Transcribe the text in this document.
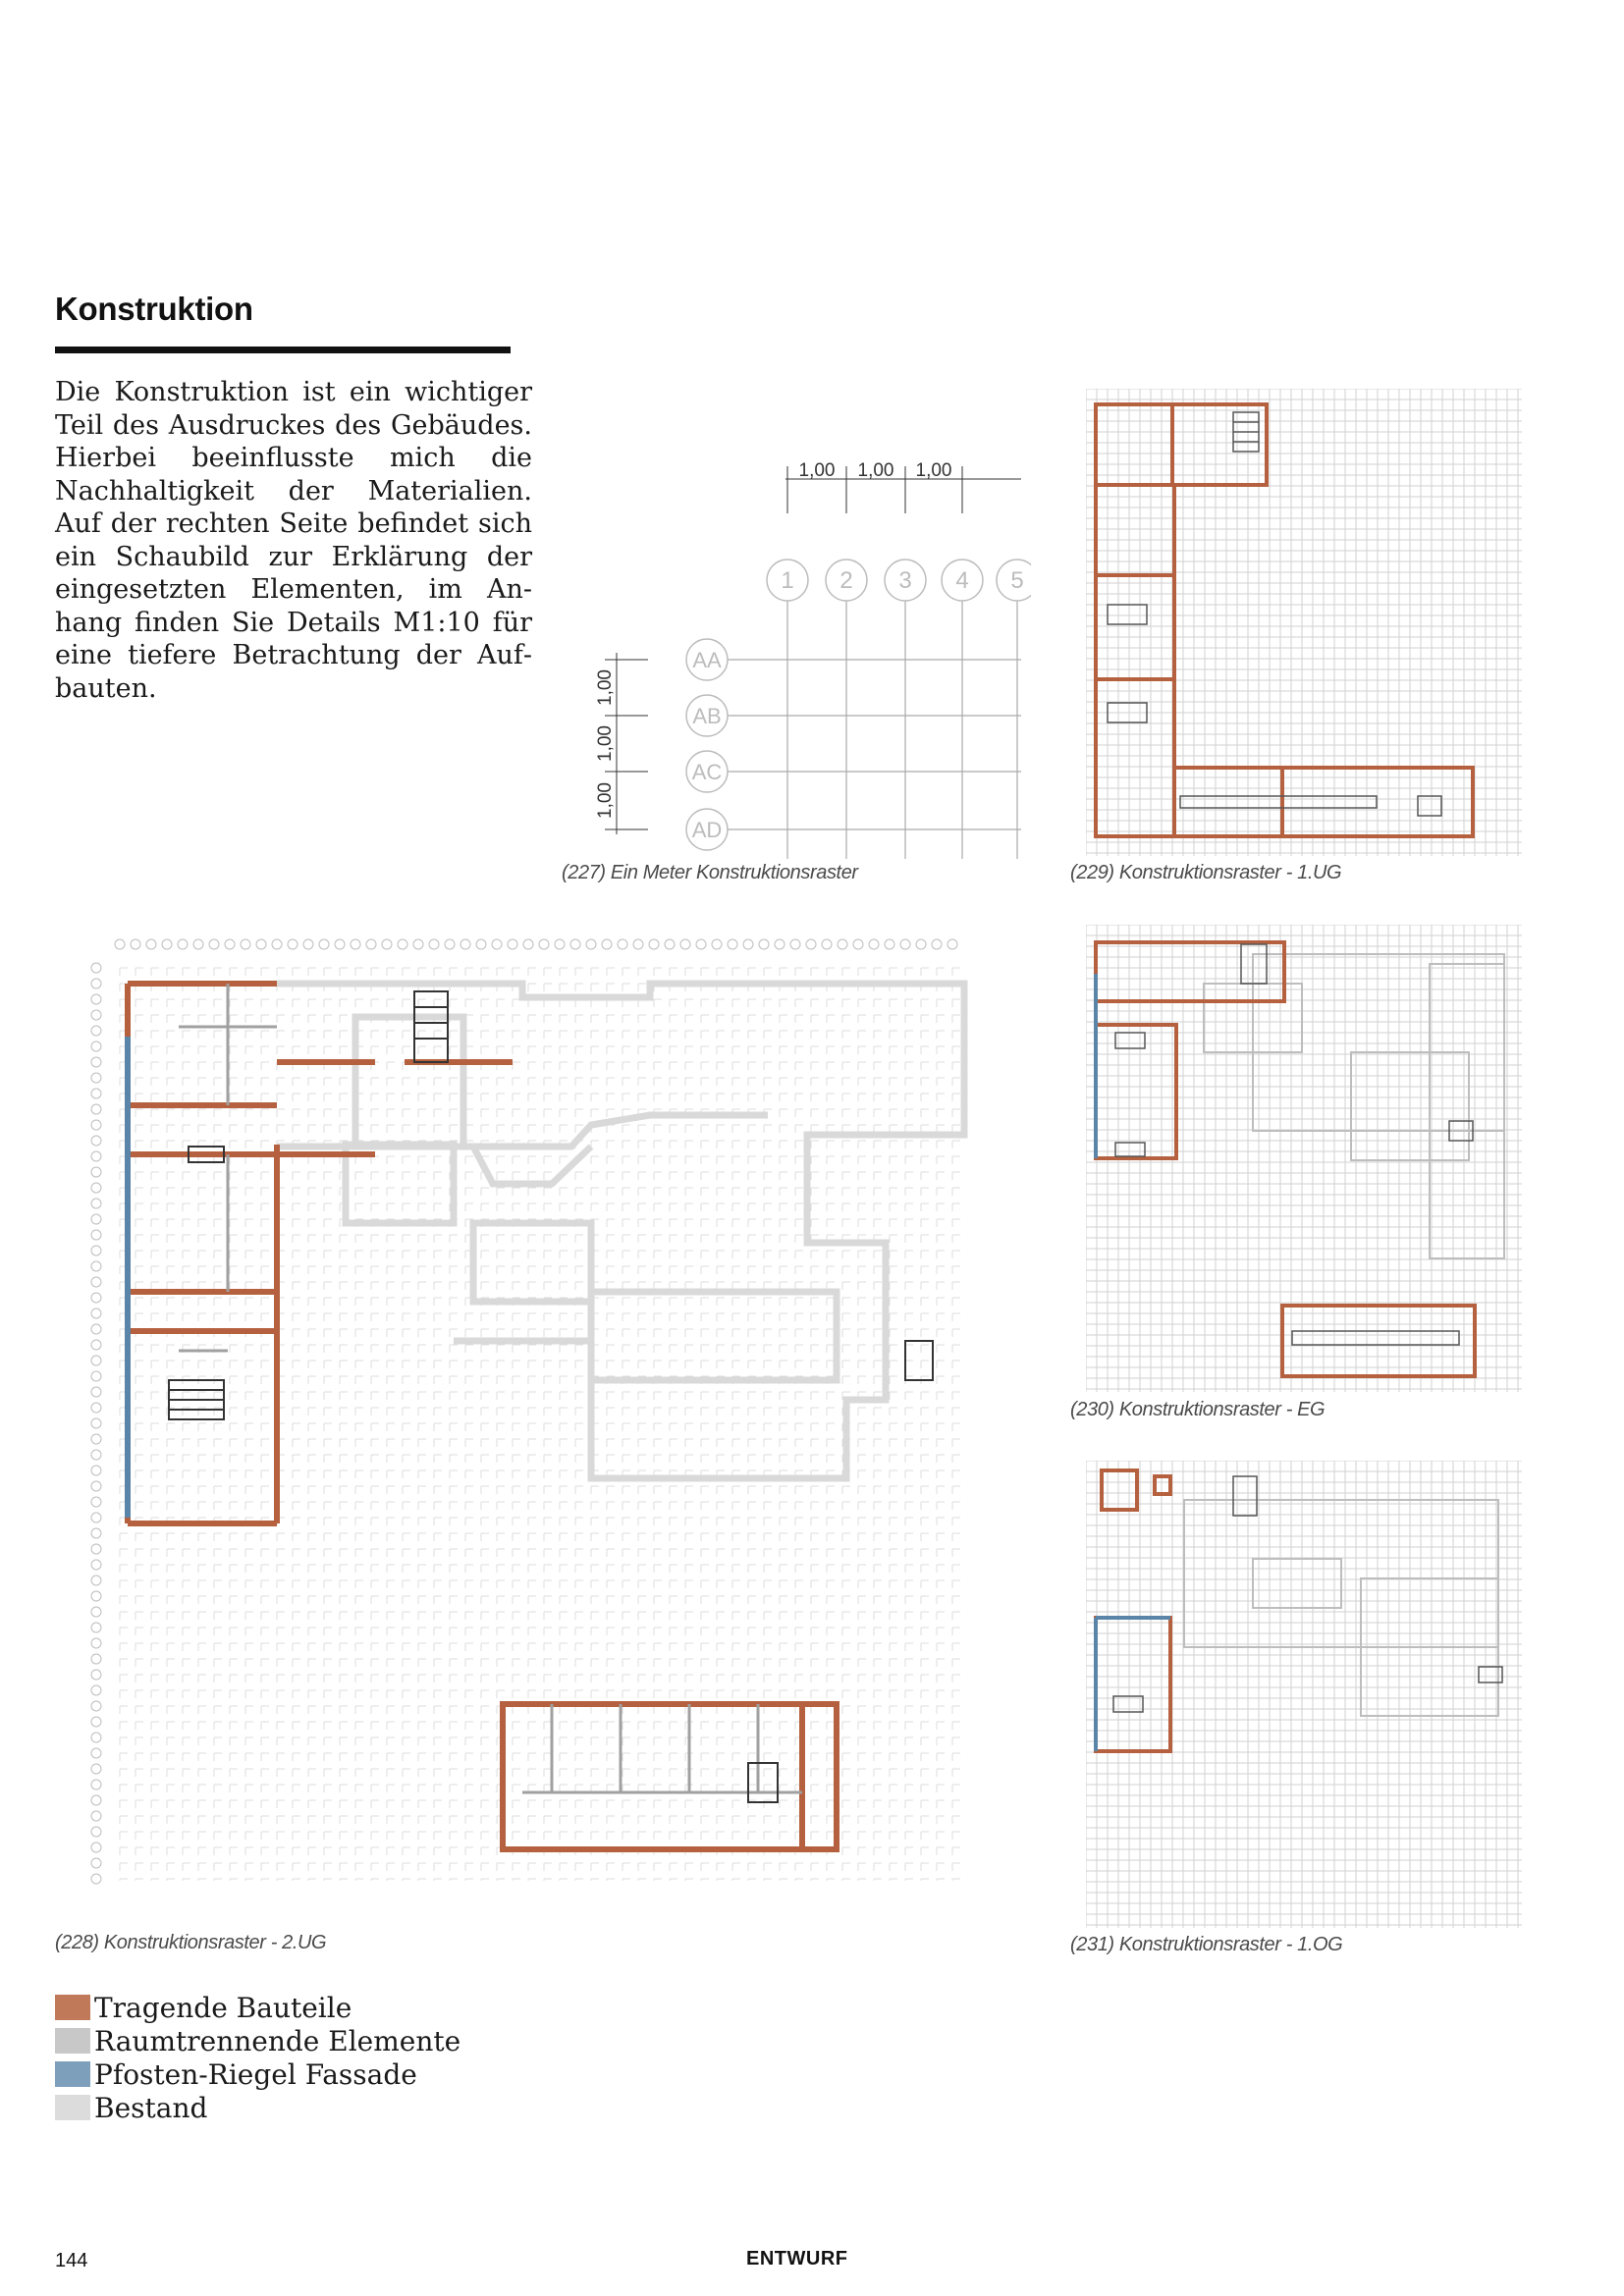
Konstruktion
Die Konstruktion ist ein wichtiger Teil des Ausdruckes des Gebäudes. Hierbei beeinflusste mich die Nachhaltigkeit der Materialien. Auf der rechten Seite befindet sich ein Schaubild zur Erklärung der eingesetzten Elementen, im Anhang finden Sie Details M1:10 für eine tiefere Betrachtung der Aufbauten.
1,00 1,00 1,00
1,00
1,00
1,00
1 2 3 4 5
AA
AB
AC
AD
(227) Ein Meter Konstruktionsraster	(229) Konstruktionsraster - 1.UG
(230) Konstruktionsraster - EG
(231) Konstruktionsraster - 1.OG
(228) Konstruktionsraster - 2.UG
Tragende Bauteile
Raumtrennende Elemente
Pfosten-Riegel Fassade
Bestand
144	ENTWURF
